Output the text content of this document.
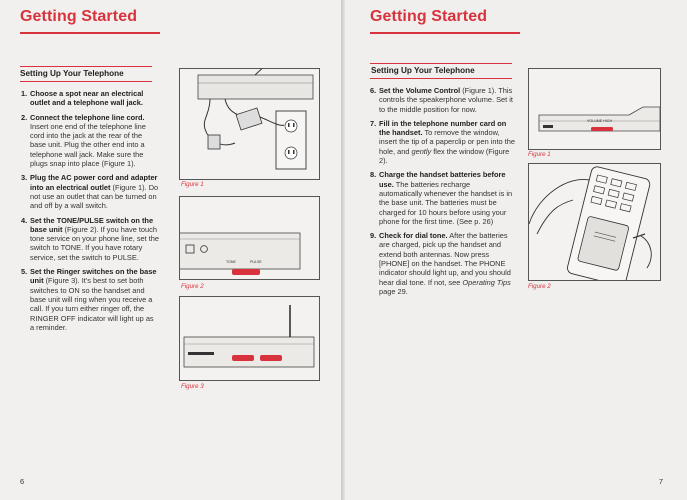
Getting Started
Setting Up Your Telephone
1. Choose a spot near an electrical outlet and a telephone wall jack.
2. Connect the telephone line cord. Insert one end of the telephone line cord into the jack at the rear of the base unit. Plug the other end into a telephone wall jack. Make sure the plugs snap into place (Figure 1).
3. Plug the AC power cord and adapter into an electrical outlet (Figure 1). Do not use an outlet that can be turned on and off by a wall switch.
4. Set the TONE/PULSE switch on the base unit (Figure 2). If you have touch tone service on your phone line, set the switch to TONE. If you have rotary service, set the switch to PULSE.
5. Set the Ringer switches on the base unit (Figure 3). It's best to set both switches to ON so the handset and base unit will ring when you receive a call. If you turn either ringer off, the RINGER OFF indicator will light up as a reminder.
Figure 1
TONE	PULSE
Figure 2
Figure 3
6
Getting Started
Setting Up Your Telephone
6. Set the Volume Control (Figure 1). This controls the speakerphone volume. Set it to the middle position for now.
7. Fill in the telephone number card on the handset. To remove the window, insert the tip of a paperclip or pen into the hole, and gently flex the window (Figure 2).
8. Charge the handset batteries before use. The batteries recharge automatically whenever the handset is in the base unit. The batteries must be charged for 10 hours before using your phone for the first time. (See p. 26)
9. Check for dial tone. After the batteries are charged, pick up the handset and extend both antennas. Now press [PHONE] on the handset. The PHONE indicator should light up, and you should hear dial tone. If not, see Operating Tips page 29.
VOLUME HIGH
Figure 1
Figure 2
7
